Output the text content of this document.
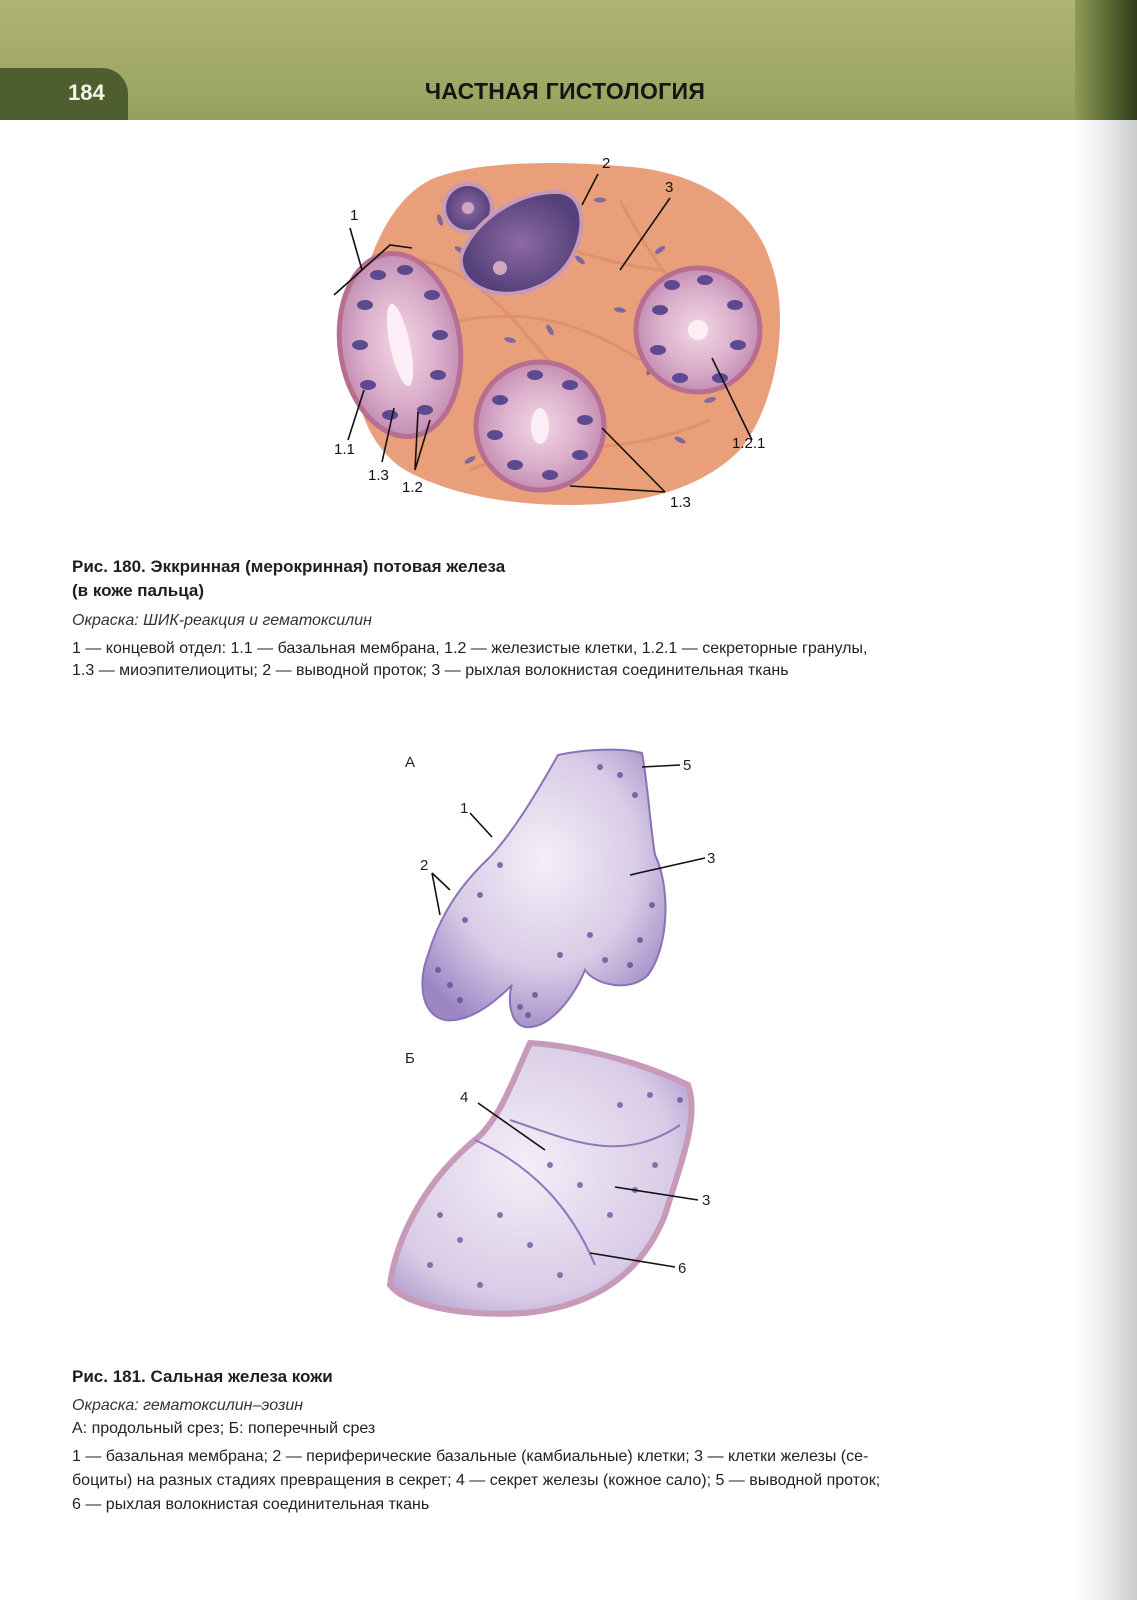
184	ЧАСТНАЯ ГИСТОЛОГИЯ
1
2
3
1.1
1.3
1.2
1.3
1.2.1
Рис. 180. Эккринная (мерокринная) потовая железа
(в коже пальца)
Окраска: ШИК-реакция и гематоксилин
1 — концевой отдел: 1.1 — базальная мембрана, 1.2 — железистые клетки, 1.2.1 — секреторные гранулы,
1.3 — миоэпителиоциты; 2 — выводной проток; 3 — рыхлая волокнистая соединительная ткань
А	5
1
2	3
Б
4
3
6
Рис. 181. Сальная железа кожи
Окраска: гематоксилин–эозин
А: продольный срез; Б: поперечный срез
1 — базальная мембрана; 2 — периферические базальные (камбиальные) клетки; 3 — клетки железы (се-
боциты) на разных стадиях превращения в секрет; 4 — секрет железы (кожное сало); 5 — выводной проток;
6 — рыхлая волокнистая соединительная ткань
